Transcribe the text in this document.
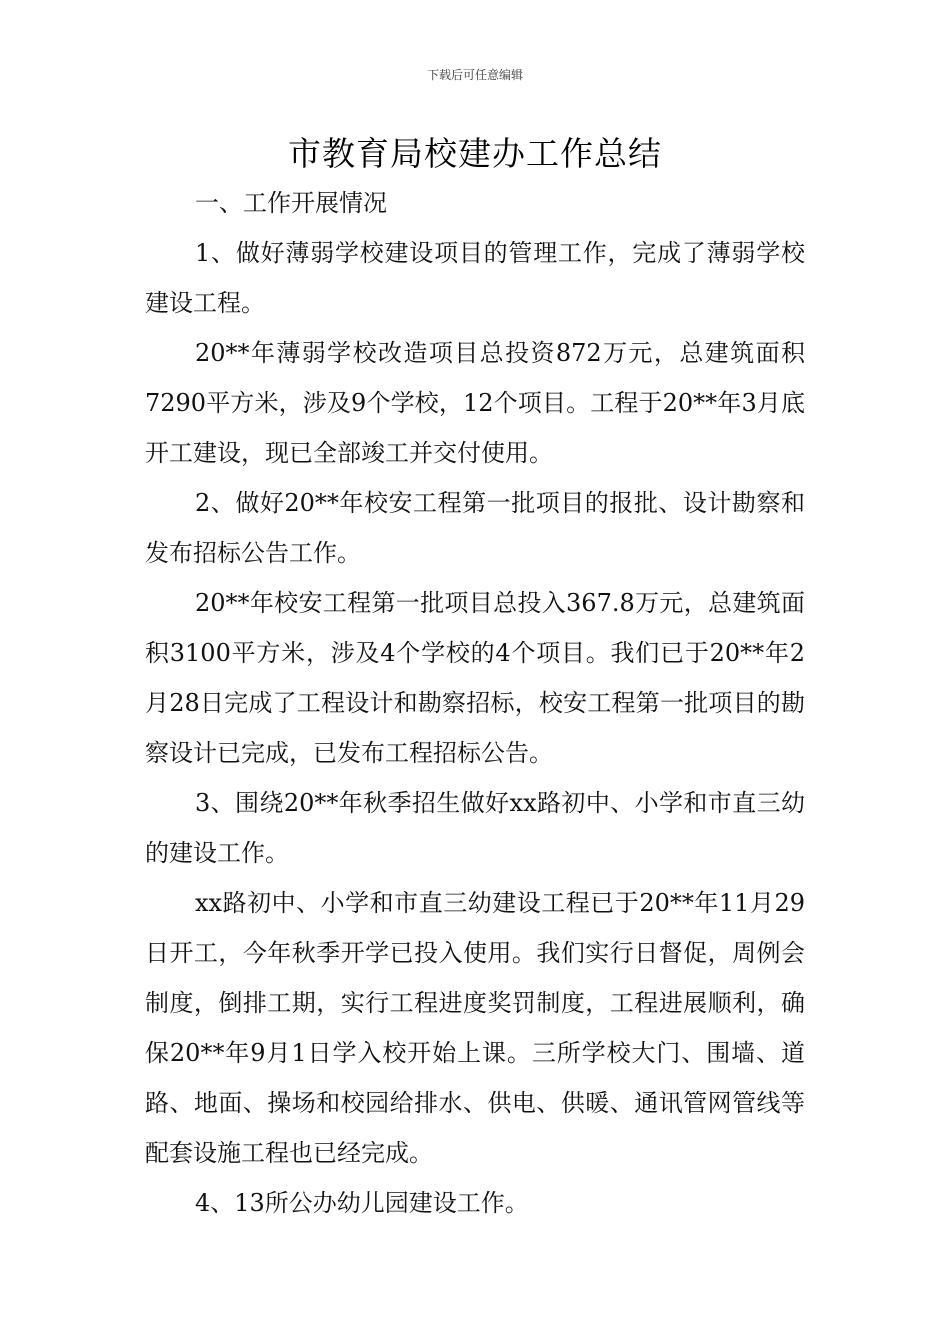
下载后可任意编辑
市教育局校建办工作总结

一、工作开展情况

1、做好薄弱学校建设项目的管理工作，完成了薄弱学校建设工程。

20**年薄弱学校改造项目总投资872万元，总建筑面积7290平方米，涉及9个学校，12个项目。工程于20**年3月底开工建设，现已全部竣工并交付使用。

2、做好20**年校安工程第一批项目的报批、设计勘察和发布招标公告工作。

20**年校安工程第一批项目总投入367.8万元，总建筑面积3100平方米，涉及4个学校的4个项目。我们已于20**年2月28日完成了工程设计和勘察招标，校安工程第一批项目的勘察设计已完成，已发布工程招标公告。

3、围绕20**年秋季招生做好xx路初中、小学和市直三幼的建设工作。

xx路初中、小学和市直三幼建设工程已于20**年11月29日开工，今年秋季开学已投入使用。我们实行日督促，周例会制度，倒排工期，实行工程进度奖罚制度，工程进展顺利，确保20**年9月1日学入校开始上课。三所学校大门、围墙、道路、地面、操场和校园给排水、供电、供暖、通讯管网管线等配套设施工程也已经完成。

4、13所公办幼儿园建设工作。
